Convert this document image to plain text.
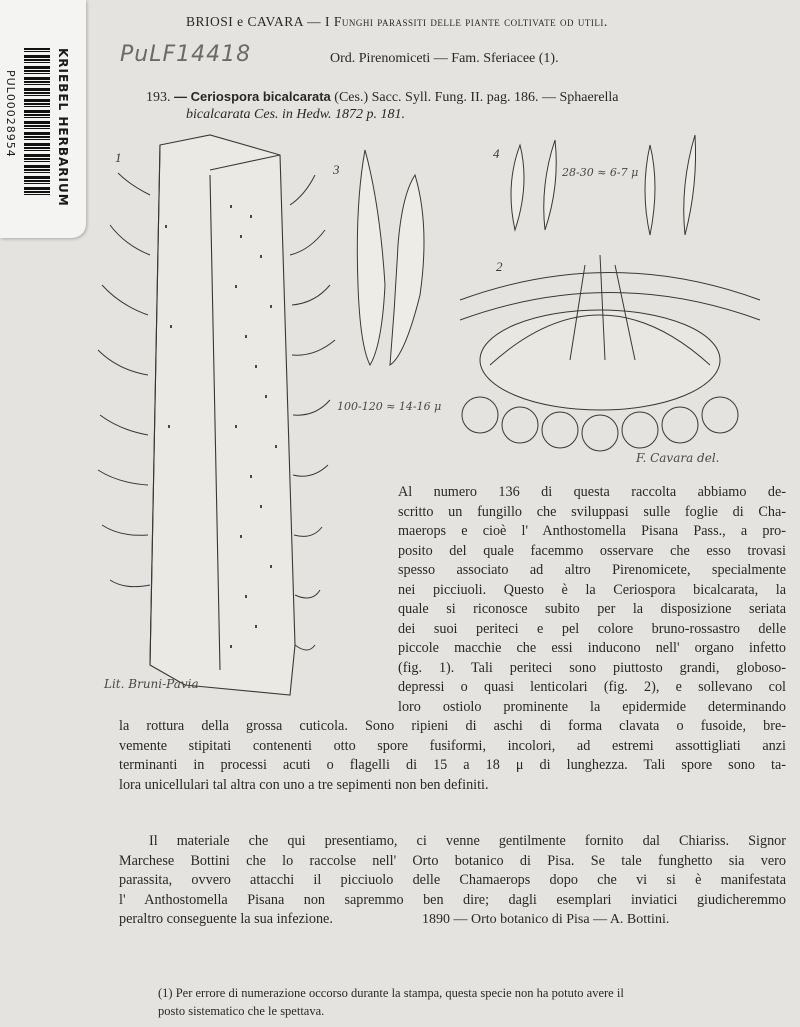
KRIEBEL HERBARIUM
PUL00028954
BRIOSI e CAVARA — I Funghi parassiti delle piante coltivate od utili.
PuLF14418	Ord. Pirenomiceti — Fam. Sferiacee (1).
193. — Ceriospora bicalcarata (Ces.) Sacc. Syll. Fung. II. pag. 186. — Sphaerella
bicalcarata Ces. in Hedw. 1872 p. 181.
1
3
4
2
100-120 ≈ 14-16 μ
28-30 ≈ 6-7 μ
F. Cavara del.
Lit. Bruni-Pavia
Al numero 136 di questa raccolta abbiamo de-
scritto un fungillo che sviluppasi sulle foglie di Cha-
maerops e cioè l' Anthostomella Pisana Pass., a pro-
posito del quale facemmo osservare che esso trovasi
spesso associato ad altro Pirenomicete, specialmente
nei picciuoli. Questo è la Ceriospora bicalcarata, la
quale si riconosce subito per la disposizione seriata
dei suoi periteci e pel colore bruno-rossastro delle
piccole macchie che essi inducono nell' organo infetto
(fig. 1). Tali periteci sono piuttosto grandi, globoso-
depressi o quasi lenticolari (fig. 2), e sollevano col
loro ostiolo prominente la epidermide determinando
la rottura della grossa cuticola. Sono ripieni di aschi di forma clavata o fusoide, bre-
vemente stipitati contenenti otto spore fusiformi, incolori, ad estremi assottigliati anzi
terminanti in processi acuti o flagelli di 15 a 18 μ di lunghezza. Tali spore sono ta-
lora unicellulari tal altra con uno a tre sepimenti non ben definiti.
Il materiale che qui presentiamo, ci venne gentilmente fornito dal Chiariss. Signor
Marchese Bottini che lo raccolse nell' Orto botanico di Pisa. Se tale funghetto sia vero
parassita, ovvero attacchi il picciuolo delle Chamaerops dopo che vi si è manifestata
l' Anthostomella Pisana non sapremmo ben dire; dagli esemplari inviatici giudicheremmo
peraltro conseguente la sua infezione.	1890 — Orto botanico di Pisa — A. Bottini.
(1) Per errore di numerazione occorso durante la stampa, questa specie non ha potuto avere il
posto sistematico che le spettava.
